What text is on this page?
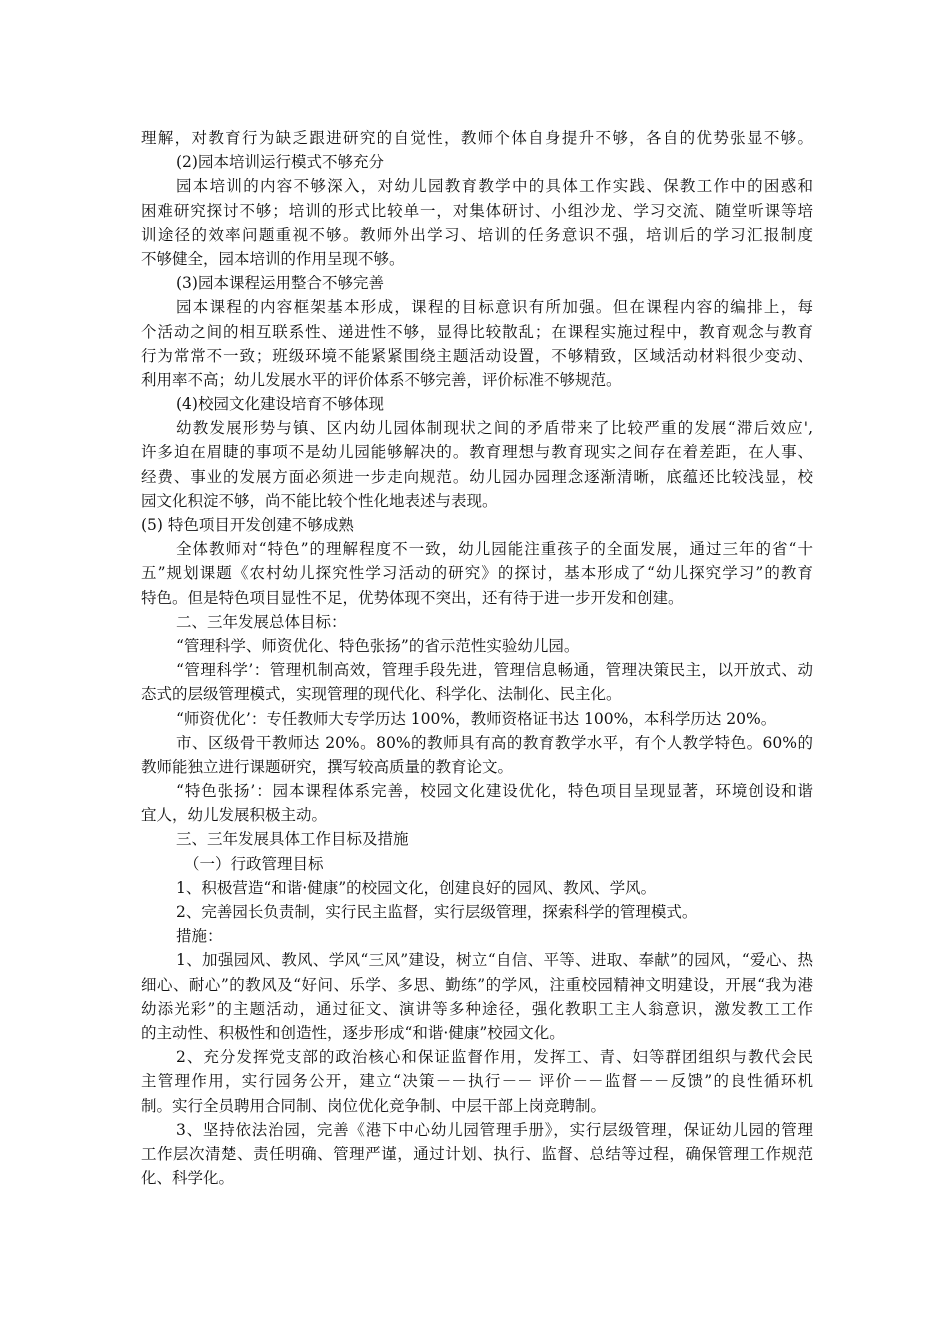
理解，对教育行为缺乏跟进研究的自觉性，教师个体自身提升不够，各自的优势张显不够。
(2)园本培训运行模式不够充分
园本培训的内容不够深入，对幼儿园教育教学中的具体工作实践、保教工作中的困惑和
困难研究探讨不够；培训的形式比较单一，对集体研讨、小组沙龙、学习交流、随堂听课等培
训途径的效率问题重视不够。教师外出学习、培训的任务意识不强，培训后的学习汇报制度
不够健全，园本培训的作用呈现不够。
(3)园本课程运用整合不够完善
园本课程的内容框架基本形成，课程的目标意识有所加强。但在课程内容的编排上，每
个活动之间的相互联系性、递进性不够，显得比较散乱；在课程实施过程中，教育观念与教育
行为常常不一致；班级环境不能紧紧围绕主题活动设置，不够精致，区域活动材料很少变动、
利用率不高；幼儿发展水平的评价体系不够完善，评价标准不够规范。
(4)校园文化建设培育不够体现
幼教发展形势与镇、区内幼儿园体制现状之间的矛盾带来了比较严重的发展“滞后效应',
许多迫在眉睫的事项不是幼儿园能够解决的。教育理想与教育现实之间存在着差距，在人事、
经费、事业的发展方面必须进一步走向规范。幼儿园办园理念逐渐清晰，底蕴还比较浅显，校
园文化积淀不够，尚不能比较个性化地表述与表现。
(5) 特色项目开发创建不够成熟
全体教师对“特色”的理解程度不一致，幼儿园能注重孩子的全面发展，通过三年的省“十
五”规划课题《农村幼儿探究性学习活动的研究》的探讨，基本形成了“幼儿探究学习”的教育
特色。但是特色项目显性不足，优势体现不突出，还有待于进一步开发和创建。
二、三年发展总体目标：
“管理科学、师资优化、特色张扬”的省示范性实验幼儿园。
“管理科学’：管理机制高效，管理手段先进，管理信息畅通，管理决策民主，以开放式、动
态式的层级管理模式，实现管理的现代化、科学化、法制化、民主化。
“师资优化’：专任教师大专学历达 100%，教师资格证书达 100%，本科学历达 20%。
市、区级骨干教师达 20%。80%的教师具有高的教育教学水平，有个人教学特色。60%的
教师能独立进行课题研究，撰写较高质量的教育论文。
“特色张扬’：园本课程体系完善，校园文化建设优化，特色项目呈现显著，环境创设和谐
宜人，幼儿发展积极主动。
三、三年发展具体工作目标及措施
（一）行政管理目标
1、积极营造“和谐·健康”的校园文化，创建良好的园风、教风、学风。
2、完善园长负责制，实行民主监督，实行层级管理，探索科学的管理模式。
措施：
1、加强园风、教风、学风“三风”建设，树立“自信、平等、进取、奉献”的园风，“爱心、热
细心、耐心”的教风及“好问、乐学、多思、勤练”的学风，注重校园精神文明建设，开展“我为港
幼添光彩”的主题活动，通过征文、演讲等多种途径，强化教职工主人翁意识，激发教工工作
的主动性、积极性和创造性，逐步形成“和谐·健康”校园文化。
2、充分发挥党支部的政治核心和保证监督作用，发挥工、青、妇等群团组织与教代会民
主管理作用，实行园务公开，建立“决策－－执行－－ 评价－－监督－－反馈”的良性循环机
制。实行全员聘用合同制、岗位优化竞争制、中层干部上岗竞聘制。
3、坚持依法治园，完善《港下中心幼儿园管理手册》，实行层级管理，保证幼儿园的管理
工作层次清楚、责任明确、管理严谨，通过计划、执行、监督、总结等过程，确保管理工作规范
化、科学化。
